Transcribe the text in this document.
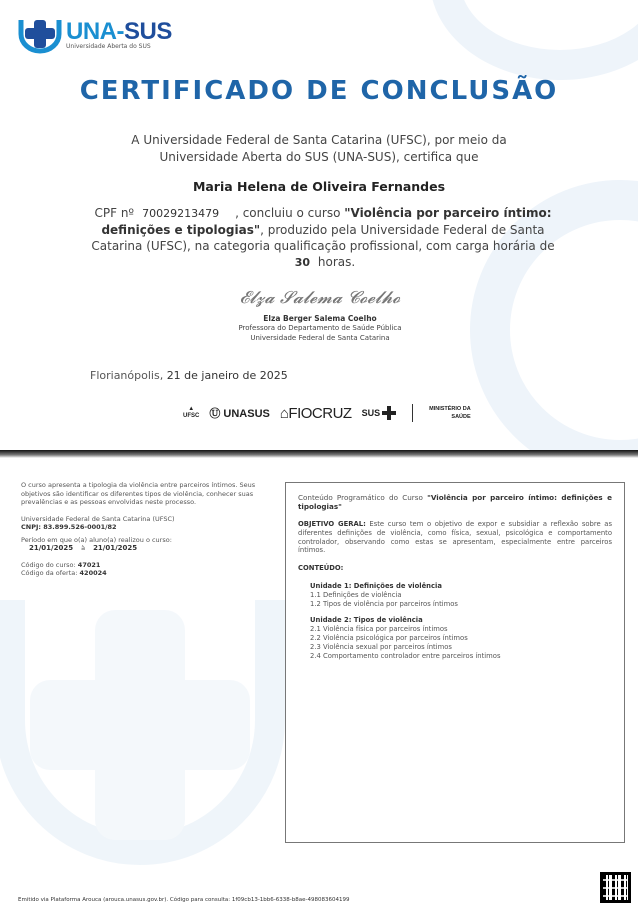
UNA-SUS
Universidade Aberta do SUS
CERTIFICADO DE CONCLUSÃO
A Universidade Federal de Santa Catarina (UFSC), por meio da Universidade Aberta do SUS (UNA-SUS), certifica que
Maria Helena de Oliveira Fernandes
CPF nº 70029213479 , concluiu o curso "Violência por parceiro íntimo: definições e tipologias", produzido pela Universidade Federal de Santa Catarina (UFSC), na categoria qualificação profissional, com carga horária de 30 horas.
𝓔𝓵𝔃𝓪 𝓢𝓪𝓵𝓮𝓶𝓪 𝓒𝓸𝓮𝓵𝓱𝓸
Elza Berger Salema Coelho
Professora do Departamento de Saúde Pública
Universidade Federal de Santa Catarina
Florianópolis, 21 de janeiro de 2025
▲
UFSC Ⓤ UNASUS ⌂FIOCRUZ SUS	MINISTÉRIO DA
SAÚDE

O curso apresenta a tipologia da violência entre parceiros íntimos. Seus objetivos são identificar os diferentes tipos de violência, conhecer suas prevalências e as pessoas envolvidas neste processo.

Universidade Federal de Santa Catarina (UFSC)
CNPJ: 83.899.526-0001/82

Período em que o(a) aluno(a) realizou o curso: 21/01/2025 à 21/01/2025

Código do curso: 47021
Código da oferta: 420024

Conteúdo Programático do Curso "Violência por parceiro íntimo: definições e tipologias"

OBJETIVO GERAL: Este curso tem o objetivo de expor e subsidiar a reflexão sobre as diferentes definições de violência, como física, sexual, psicológica e comportamento controlador, observando como estas se apresentam, especialmente entre parceiros íntimos.

CONTEÚDO:

Unidade 1: Definições de violência
1.1 Definições de violência
1.2 Tipos de violência por parceiros íntimos
Unidade 2: Tipos de violência
2.1 Violência física por parceiros íntimos
2.2 Violência psicológica por parceiros íntimos
2.3 Violência sexual por parceiros íntimos
2.4 Comportamento controlador entre parceiros íntimos
Emitido via Plataforma Arouca (arouca.unasus.gov.br). Código para consulta: 1f09cb13-1bb6-6338-b8ae-498083604199
